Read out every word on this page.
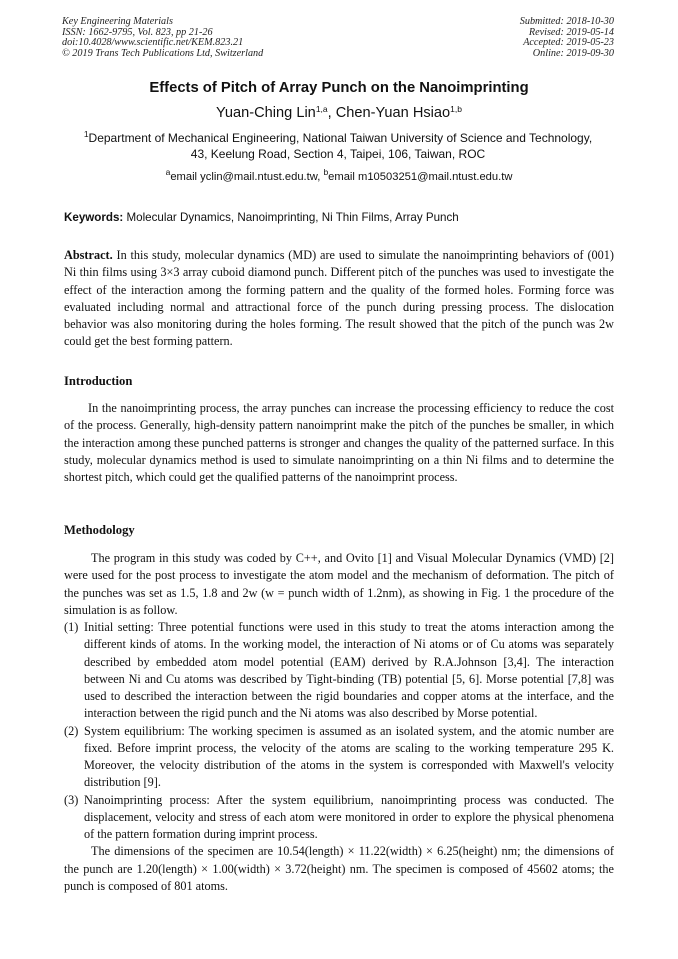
Key Engineering Materials
ISSN: 1662-9795, Vol. 823, pp 21-26
doi:10.4028/www.scientific.net/KEM.823.21
© 2019 Trans Tech Publications Ltd, Switzerland
Submitted: 2018-10-30
Revised: 2019-05-14
Accepted: 2019-05-23
Online: 2019-09-30
Effects of Pitch of Array Punch on the Nanoimprinting
Yuan-Ching Lin$^{1,a}$, Chen-Yuan Hsiao$^{1,b}$
$^1$Department of Mechanical Engineering, National Taiwan University of Science and Technology,
43, Keelung Road, Section 4, Taipei, 106, Taiwan, ROC
$^a$email yclin@mail.ntust.edu.tw, $^b$email m10503251@mail.ntust.edu.tw
Keywords: Molecular Dynamics, Nanoimprinting, Ni Thin Films, Array Punch
Abstract. In this study, molecular dynamics (MD) are used to simulate the nanoimprinting behaviors of (001) Ni thin films using 3×3 array cuboid diamond punch. Different pitch of the punches was used to investigate the effect of the interaction among the forming pattern and the quality of the formed holes. Forming force was evaluated including normal and attractional force of the punch during pressing process. The dislocation behavior was also monitoring during the holes forming. The result showed that the pitch of the punch was 2w could get the best forming pattern.
Introduction
In the nanoimprinting process, the array punches can increase the processing efficiency to reduce the cost of the process. Generally, high-density pattern nanoimprint make the pitch of the punches be smaller, in which the interaction among these punched patterns is stronger and changes the quality of the patterned surface. In this study, molecular dynamics method is used to simulate nanoimprinting on a thin Ni films and to determine the shortest pitch, which could get the qualified patterns of the nanoimprint process.
Methodology

The program in this study was coded by C++, and Ovito [1] and Visual Molecular Dynamics (VMD) [2] were used for the post process to investigate the atom model and the mechanism of deformation. The pitch of the punches was set as 1.5, 1.8 and 2w (w = punch width of 1.2nm), as showing in Fig. 1 the procedure of the simulation is as follow.

(1) Initial setting: Three potential functions were used in this study to treat the atoms interaction among the different kinds of atoms. In the working model, the interaction of Ni atoms or of Cu atoms was separately described by embedded atom model potential (EAM) derived by R.A.Johnson [3,4]. The interaction between Ni and Cu atoms was described by Tight-binding (TB) potential [5, 6]. Morse potential [7,8] was used to described the interaction between the rigid boundaries and copper atoms at the interface, and the interaction between the rigid punch and the Ni atoms was also described by Morse potential.
(2) System equilibrium: The working specimen is assumed as an isolated system, and the atomic number are fixed. Before imprint process, the velocity of the atoms are scaling to the working temperature 295 K. Moreover, the velocity distribution of the atoms in the system is corresponded with Maxwell's velocity distribution [9].
(3) Nanoimprinting process: After the system equilibrium, nanoimprinting process was conducted. The displacement, velocity and stress of each atom were monitored in order to explore the physical phenomena of the pattern formation during imprint process.

The dimensions of the specimen are 10.54(length) × 11.22(width) × 6.25(height) nm; the dimensions of the punch are 1.20(length) × 1.00(width) × 3.72(height) nm. The specimen is composed of 45602 atoms; the punch is composed of 801 atoms.
